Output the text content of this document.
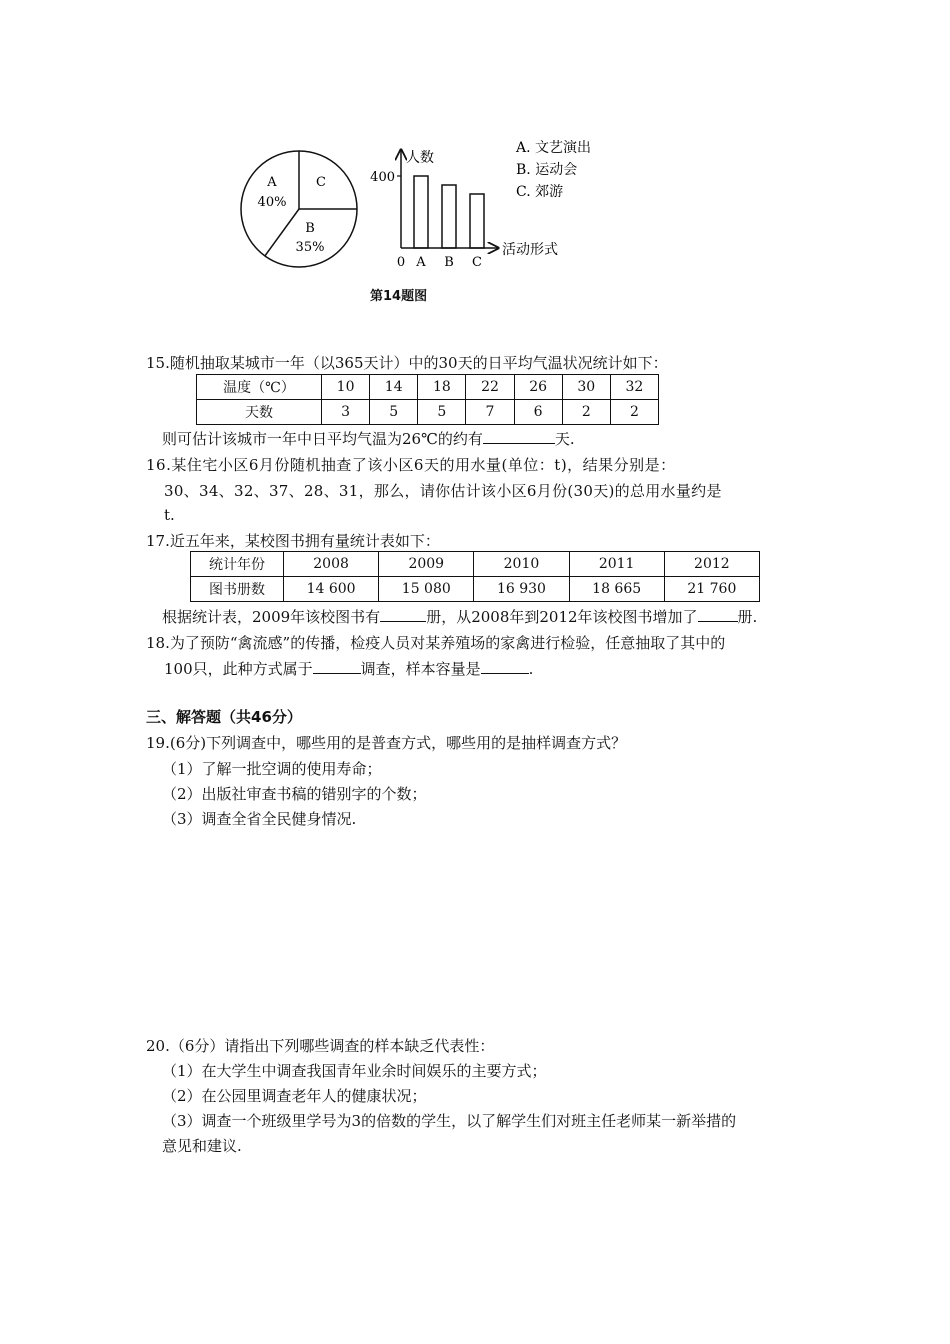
A
40%
C
B
35%
人数
400
0 A B C
活动形式
A. 文艺演出
B. 运动会
C. 郊游
第14题图
15.随机抽取某城市一年（以365天计）中的30天的日平均气温状况统计如下：
温度（℃）	10	14	18	22	26	30	32
天数	3	5	5	7	6	2	2
则可估计该城市一年中日平均气温为26℃的约有	天.
16.某住宅小区6月份随机抽查了该小区6天的用水量(单位：t)，结果分别是：
30、34、32、37、28、31，那么，请你估计该小区6月份(30天)的总用水量约是
t.
17.近五年来，某校图书拥有量统计表如下：
统计年份	2008	2009	2010	2011	2012
图书册数	14 600	15 080	16 930	18 665	21 760
根据统计表，2009年该校图书有	册，从2008年到2012年该校图书增加了	册.
18.为了预防“禽流感”的传播，检疫人员对某养殖场的家禽进行检验，任意抽取了其中的
100只，此种方式属于	调查，样本容量是	.
三、解答题（共46分）
19.(6分)下列调查中，哪些用的是普查方式，哪些用的是抽样调查方式？
（1）了解一批空调的使用寿命；
（2）出版社审查书稿的错别字的个数；
（3）调查全省全民健身情况.
20.（6分）请指出下列哪些调查的样本缺乏代表性：
（1）在大学生中调查我国青年业余时间娱乐的主要方式；
（2）在公园里调查老年人的健康状况；
（3）调查一个班级里学号为3的倍数的学生，以了解学生们对班主任老师某一新举措的
意见和建议.
